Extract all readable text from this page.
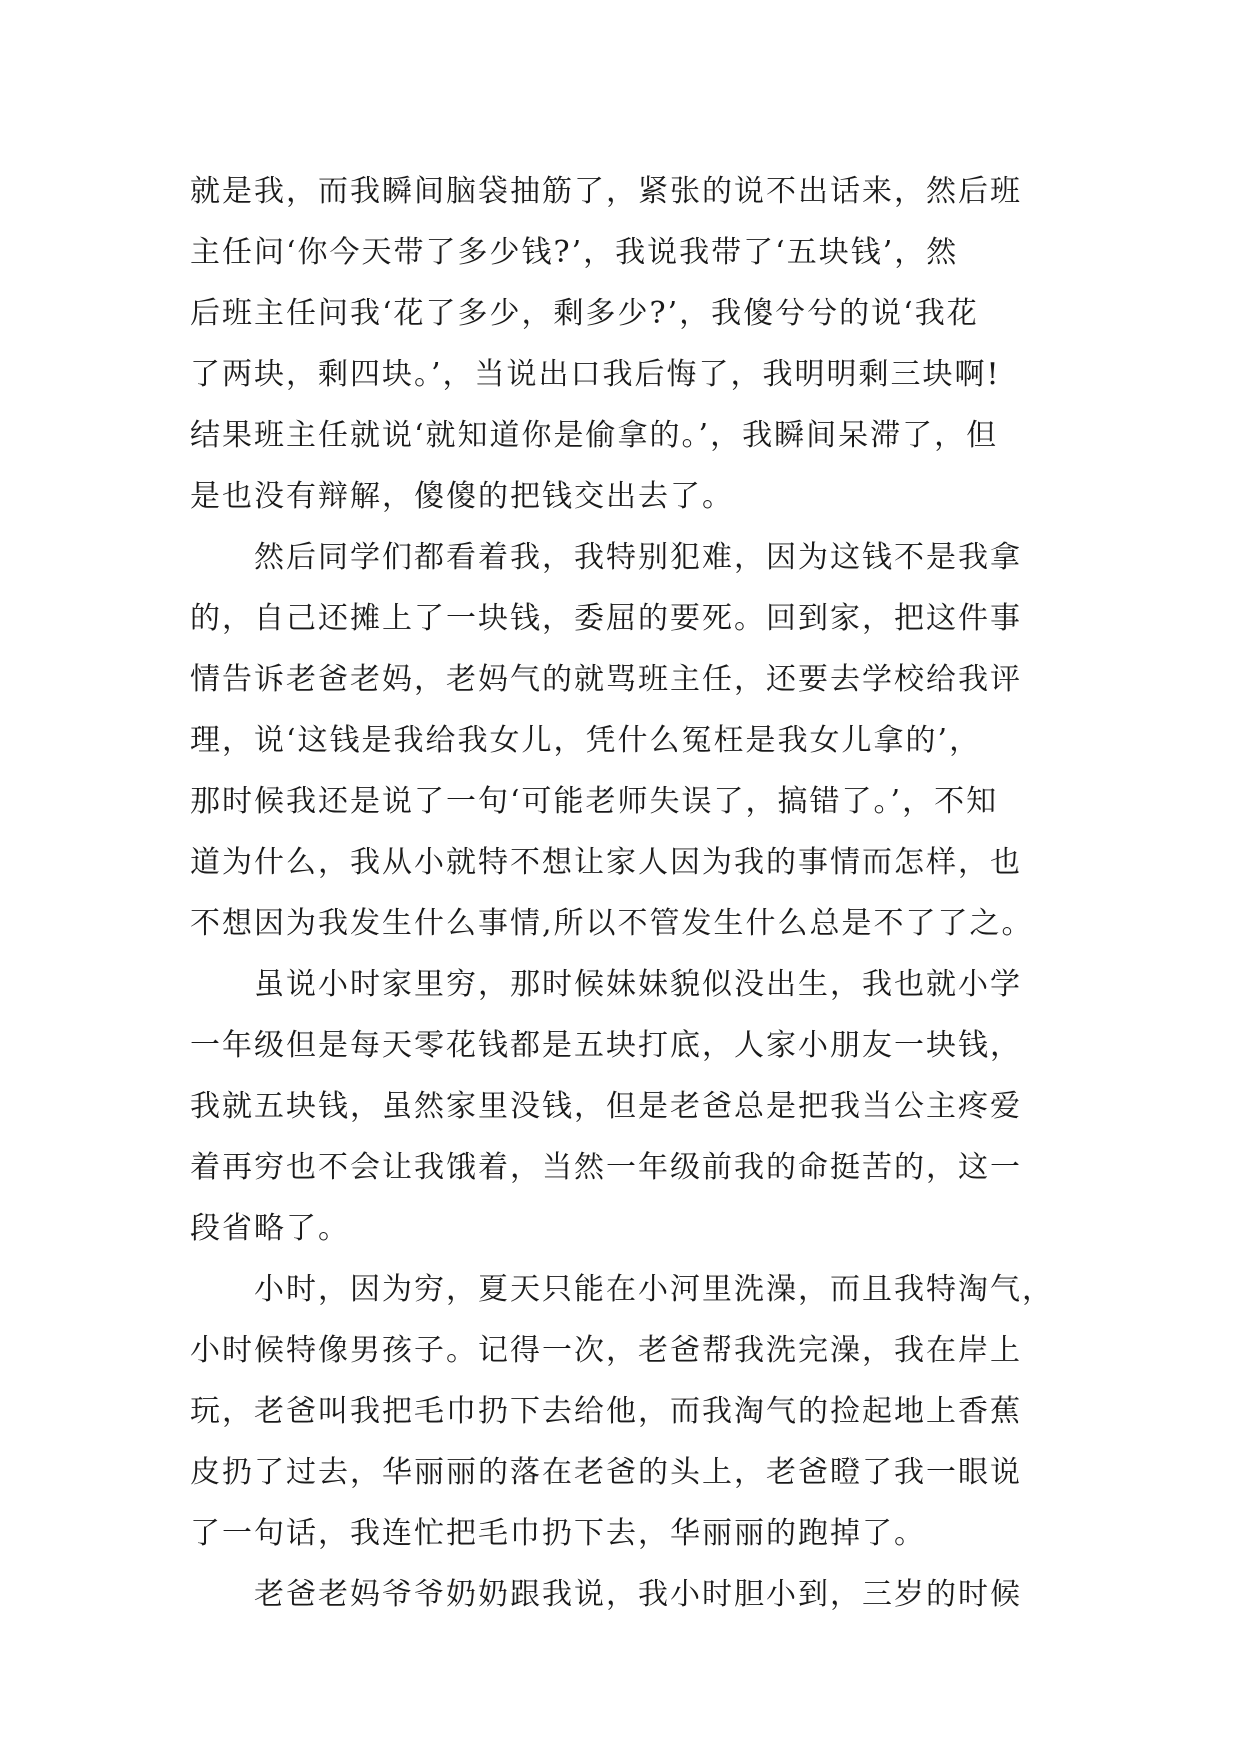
就是我，而我瞬间脑袋抽筋了，紧张的说不出话来，然后班
主任问‘你今天带了多少钱?’，我说我带了‘五块钱’，然
后班主任问我‘花了多少，剩多少?’，我傻兮兮的说‘我花
了两块，剩四块。’，当说出口我后悔了，我明明剩三块啊!
结果班主任就说‘就知道你是偷拿的。’，我瞬间呆滞了，但
是也没有辩解，傻傻的把钱交出去了。
然后同学们都看着我，我特别犯难，因为这钱不是我拿
的，自己还摊上了一块钱，委屈的要死。回到家，把这件事
情告诉老爸老妈，老妈气的就骂班主任，还要去学校给我评
理，说‘这钱是我给我女儿，凭什么冤枉是我女儿拿的’，
那时候我还是说了一句‘可能老师失误了，搞错了。’，不知
道为什么，我从小就特不想让家人因为我的事情而怎样，也
不想因为我发生什么事情,所以不管发生什么总是不了了之。
虽说小时家里穷，那时候妹妹貌似没出生，我也就小学
一年级但是每天零花钱都是五块打底，人家小朋友一块钱，
我就五块钱，虽然家里没钱，但是老爸总是把我当公主疼爱
着再穷也不会让我饿着，当然一年级前我的命挺苦的，这一
段省略了。
小时，因为穷，夏天只能在小河里洗澡，而且我特淘气，
小时候特像男孩子。记得一次，老爸帮我洗完澡，我在岸上
玩，老爸叫我把毛巾扔下去给他，而我淘气的捡起地上香蕉
皮扔了过去，华丽丽的落在老爸的头上，老爸瞪了我一眼说
了一句话，我连忙把毛巾扔下去，华丽丽的跑掉了。
老爸老妈爷爷奶奶跟我说，我小时胆小到，三岁的时候
